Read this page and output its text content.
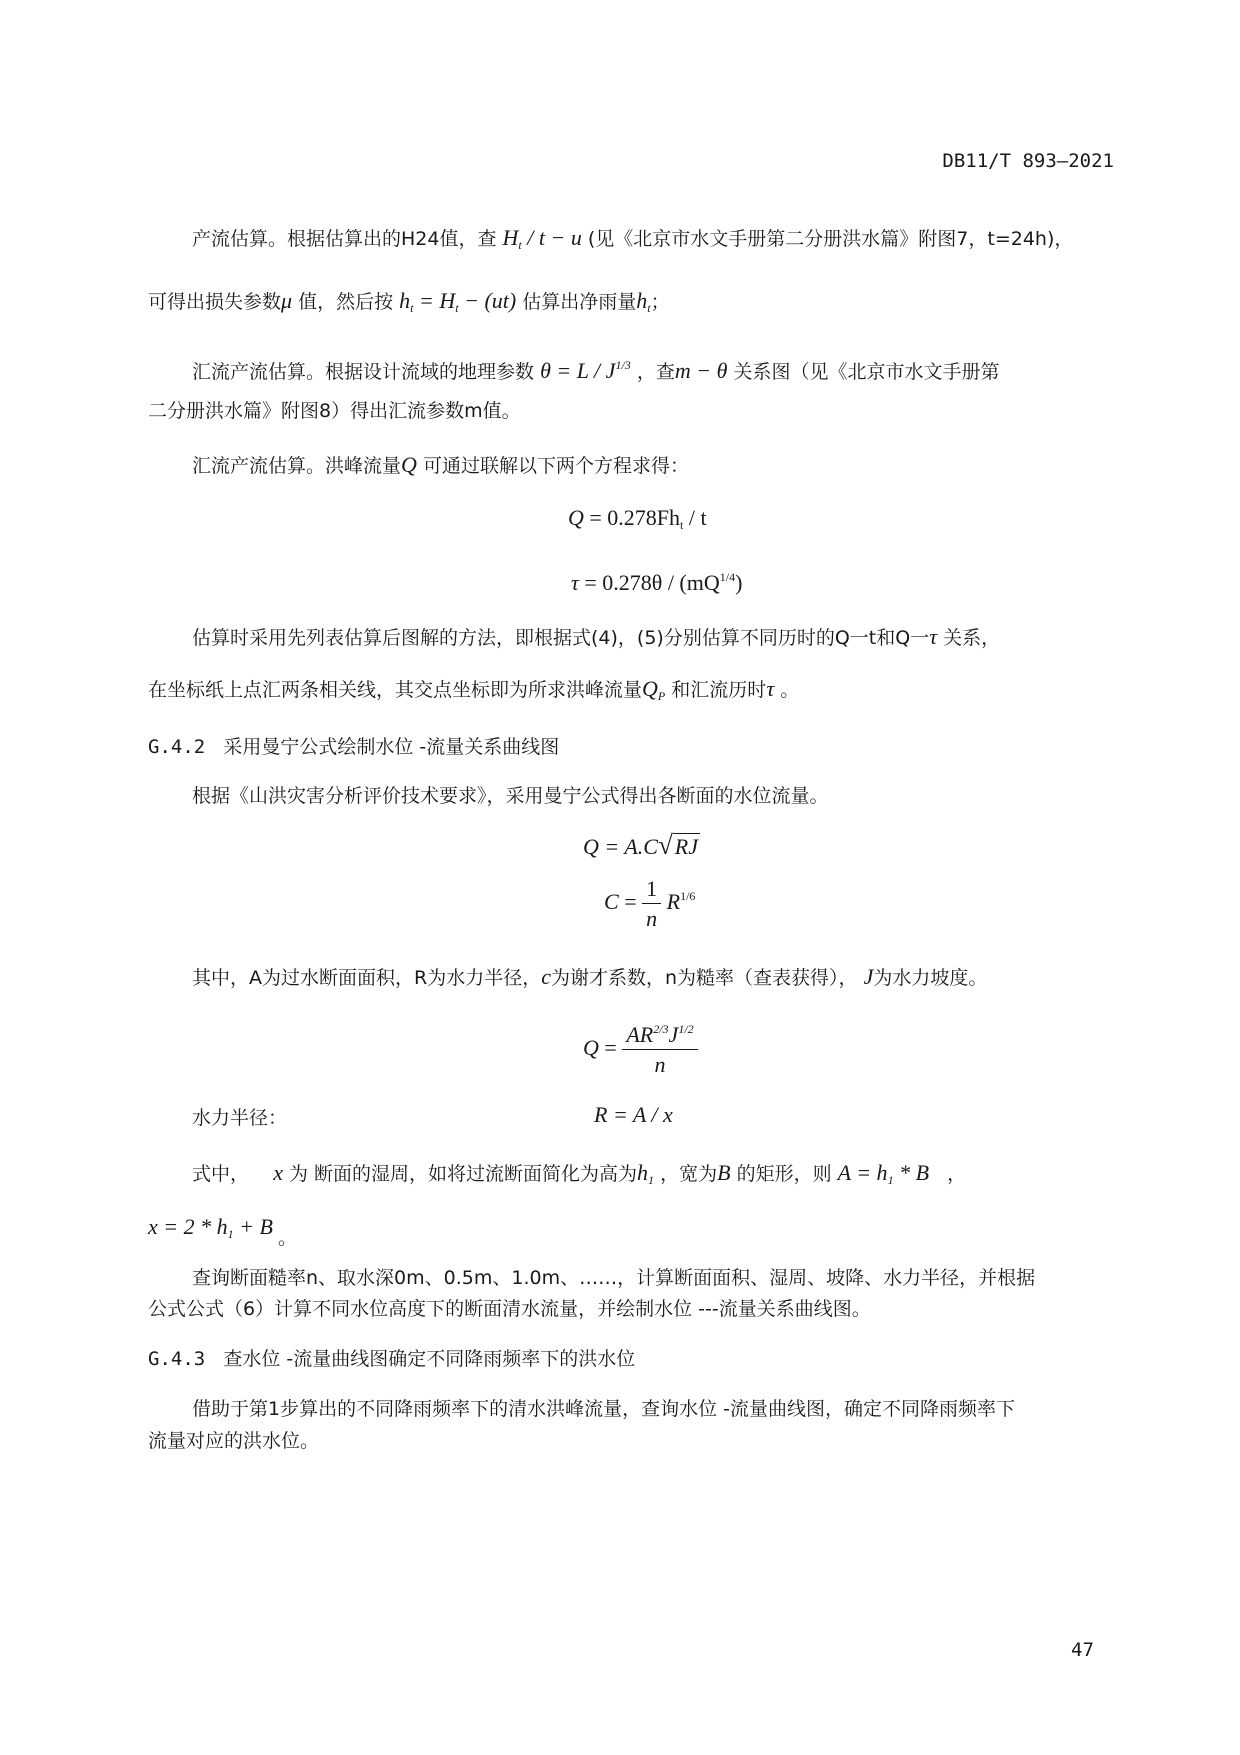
DB11/T 893—2021
47
产流估算。根据估算出的H24值，查 $H_t / t - u$ (见《北京市水文手册第二分册洪水篇》附图7，t=24h)，
可得出损失参数μ 值，然后按 $h_t = H_t - (ut)$ 估算出净雨量$h_t$；
汇流产流估算。根据设计流域的地理参数 $\theta = L / J^{1/3}$ ，查m − θ 关系图（见《北京市水文手册第
二分册洪水篇》附图8）得出汇流参数m值。
汇流产流估算。洪峰流量Q 可通过联解以下两个方程求得：
$Q = 0.278Fh_t / t$
$\tau = 0.278\theta / (mQ^{1/4})$
估算时采用先列表估算后图解的方法，即根据式(4)，(5)分别估算不同历时的Q一t和Q一τ 关系，
在坐标纸上点汇两条相关线，其交点坐标即为所求洪峰流量$Q_P$ 和汇流历时τ 。
G.4.2 采用曼宁公式绘制水位 -流量关系曲线图
根据《山洪灾害分析评价技术要求》，采用曼宁公式得出各断面的水位流量。
Q = A.C√RJ
$C = \frac{1}{n} R^{1/6}$
其中，A为过水断面面积，R为水力半径，c为谢才系数，n为糙率（查表获得）， J为水力坡度。
$Q = \frac{AR^{2/3}J^{1/2}}{n}$
水力半径：	R = A / x
式中， x 为 断面的湿周，如将过流断面简化为高为$h_1$ ，宽为B 的矩形，则 $A = h_1 * B$ ，
$x = 2 * h_1 + B$ 。
查询断面糙率n、取水深0m、0.5m、1.0m、……，计算断面面积、湿周、坡降、水力半径，并根据
公式公式（6）计算不同水位高度下的断面清水流量，并绘制水位 ---流量关系曲线图。
G.4.3 查水位 -流量曲线图确定不同降雨频率下的洪水位
借助于第1步算出的不同降雨频率下的清水洪峰流量，查询水位 -流量曲线图，确定不同降雨频率下
流量对应的洪水位。
